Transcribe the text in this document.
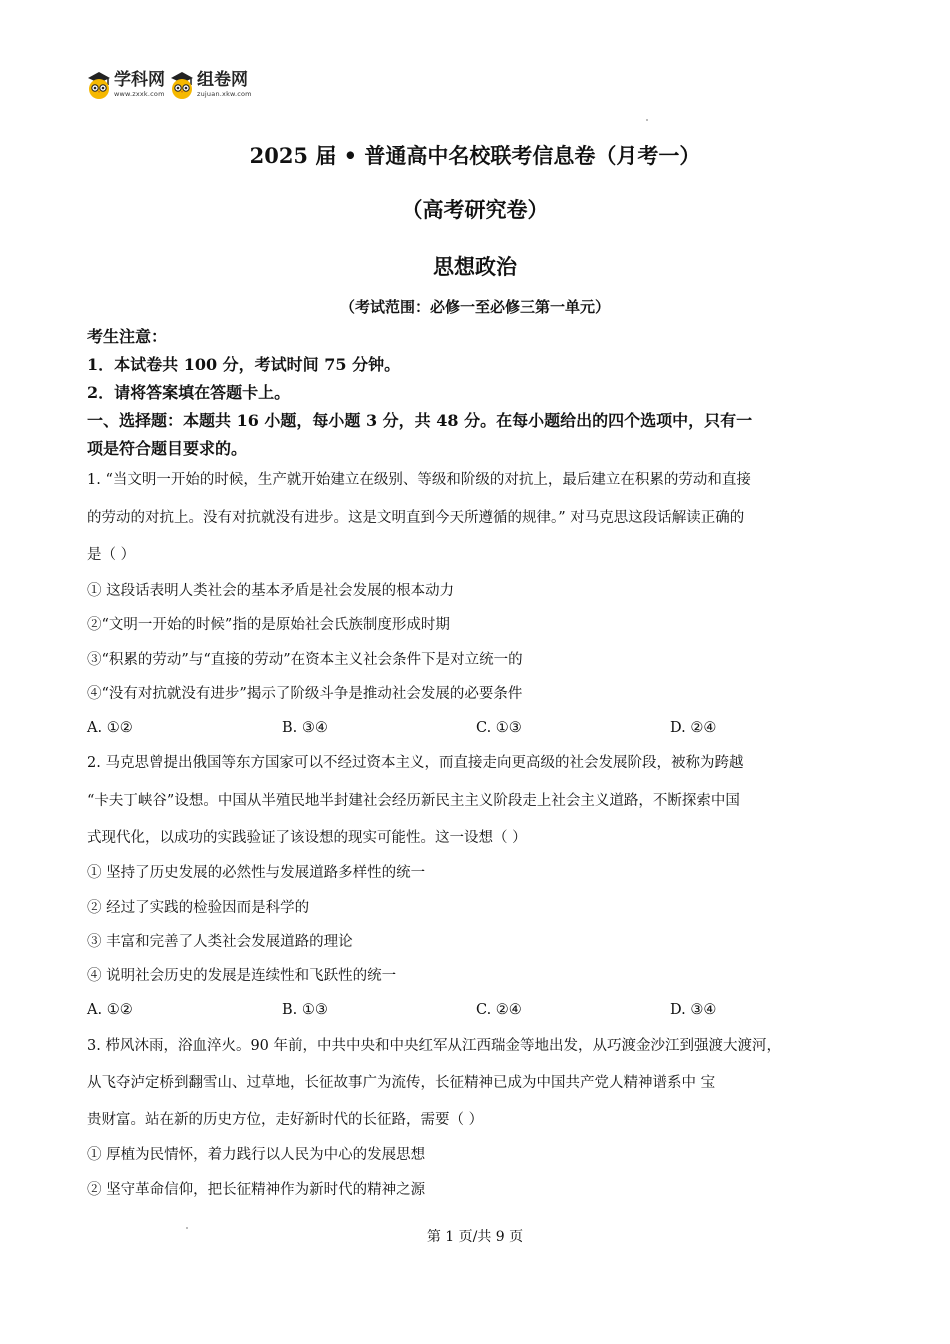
学科网
www.zxxk.com
组卷网
zujuan.xkw.com
2025 届 • 普通高中名校联考信息卷（月考一）
（高考研究卷）
思想政治
（考试范围：必修一至必修三第一单元）
考生注意：
1．本试卷共 100 分，考试时间 75 分钟。
2．请将答案填在答题卡上。
一、选择题：本题共 16 小题，每小题 3 分，共 48 分。在每小题给出的四个选项中，只有一
项是符合题目要求的。
1. “当文明一开始的时候，生产就开始建立在级别、等级和阶级的对抗上，最后建立在积累的劳动和直接
的劳动的对抗上。没有对抗就没有进步。这是文明直到今天所遵循的规律。” 对马克思这段话解读正确的
是（ ）
① 这段话表明人类社会的基本矛盾是社会发展的根本动力
②“文明一开始的时候”指的是原始社会氏族制度形成时期
③“积累的劳动”与“直接的劳动”在资本主义社会条件下是对立统一的
④“没有对抗就没有进步”揭示了阶级斗争是推动社会发展的必要条件
A. ①②	B. ③④	C. ①③	D. ②④
2. 马克思曾提出俄国等东方国家可以不经过资本主义，而直接走向更高级的社会发展阶段，被称为跨越
“卡夫丁峡谷”设想。中国从半殖民地半封建社会经历新民主主义阶段走上社会主义道路，不断探索中国
式现代化，以成功的实践验证了该设想的现实可能性。这一设想（ ）
① 坚持了历史发展的必然性与发展道路多样性的统一
② 经过了实践的检验因而是科学的
③ 丰富和完善了人类社会发展道路的理论
④ 说明社会历史的发展是连续性和飞跃性的统一
A. ①②	B. ①③	C. ②④	D. ③④
3. 栉风沐雨，浴血淬火。90 年前，中共中央和中央红军从江西瑞金等地出发，从巧渡金沙江到强渡大渡河，
从飞夺泸定桥到翻雪山、过草地，长征故事广为流传，长征精神已成为中国共产党人精神谱系中 宝
贵财富。站在新的历史方位，走好新时代的长征路，需要（ ）
① 厚植为民情怀，着力践行以人民为中心的发展思想
② 坚守革命信仰，把长征精神作为新时代的精神之源
第 1 页/共 9 页
